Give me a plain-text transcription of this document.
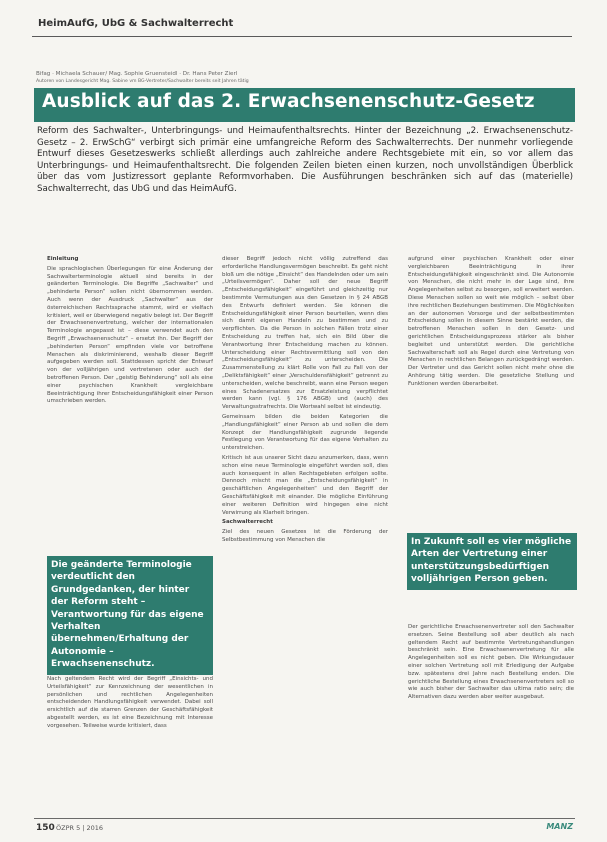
HeimAufG, UbG & Sachwalterrecht
Bifag · Michaela Schauer/ Mag. Sophie Gruensteidl · Dr. Hans Peter Zierl
Autoren von Landesgericht Mag. Sabine vm BG-Vertreter/Sachwalter bereits seit Jahren tätig
Ausblick auf das 2. Erwachsenenschutz-Gesetz
Reform des Sachwalter-, Unterbringungs- und Heimaufenthaltsrechts. Hinter der Bezeichnung „2. Erwachsenenschutz-Gesetz – 2. ErwSchG“ verbirgt sich primär eine umfangreiche Reform des Sachwalterrechts. Der nunmehr vorliegende Entwurf dieses Gesetzeswerks schließt allerdings auch zahlreiche andere Rechtsgebiete mit ein, so vor allem das Unterbringungs- und Heimaufenthaltsrecht. Die folgenden Zeilen bieten einen kurzen, noch unvollständigen Überblick über das vom Justizressort geplante Reformvorhaben. Die Ausführungen beschränken sich auf das (materielle) Sachwalterrecht, das UbG und das HeimAufG.

Einleitung

Die sprachlogischen Überlegungen für eine Änderung der Sachwalterterminologie aktuell sind bereits in der geänderten Terminologie. Die Begriffe „Sachwalter“ und „behinderte Person“ sollen nicht übernommen werden. Auch wenn der Ausdruck „Sachwalter“ aus der österreichischen Rechtssprache stammt, wird er vielfach kritisiert, weil er überwiegend negativ belegt ist. Der Begriff der Erwachsenenvertretung, welcher der internationalen Terminologie angepasst ist – diese verwendet auch den Begriff „Erwachsenenschutz“ – ersetzt ihn. Der Begriff der „behinderten Person“ empfinden viele vor betroffene Menschen als diskriminierend, weshalb dieser Begriff aufgegeben werden soll. Stattdessen spricht der Entwurf von der volljährigen und vertretenen oder auch der betroffenen Person. Der „geistig Behinderung“ soll als eine einer psychischen Krankheit vergleichbare Beeinträchtigung ihrer Entscheidungsfähigkeit einer Person umschrieben werden.

Die geänderte Terminologie verdeutlicht den Grundgedanken, der hinter der Reform steht – Verantwortung für das eigene Verhalten übernehmen/Erhaltung der Autonomie – Erwachsenenschutz.

Nach geltendem Recht wird der Begriff „Einsichts- und Urteilsfähigkeit“ zur Kennzeichnung der wesentlichen in persönlichen und rechtlichen Angelegenheiten entscheidenden Handlungsfähigkeit verwendet. Dabei soll ersichtlich auf die starren Grenzen der Geschäftsfähigkeit abgestellt werden, es ist eine Bezeichnung mit Interesse vorgesehen. Teilweise wurde kritisiert, dass

dieser Begriff jedoch nicht völlig zutreffend das erforderliche Handlungsvermögen beschreibt. Es geht nicht bloß um die nötige „Einsicht“ des Handelnden oder um sein „Urteilsvermögen“. Daher soll der neue Begriff „Entscheidungsfähigkeit“ eingeführt und gleichzeitig nur bestimmte Vermutungen aus den Gesetzen in § 24 ABGB des Entwurfs definiert werden. Sie können die Entscheidungsfähigkeit einer Person beurteilen, wenn dies sich damit eigenen Handeln zu bestimmen und zu verpflichten. Da die Person in solchen Fällen trotz einer Entscheidung zu treffen hat, sich ein Bild über die Verantwortung ihrer Entscheidung machen zu können. Unterscheidung einer Rechtsvermittlung soll von den „Entscheidungsfähigkeit“ zu unterscheiden. Die Zusammenstellung zu klärt Rolle von Fall zu Fall von der „Deliktsfähigkeit“ einer „Verschuldensfähigkeit“ getrennt zu unterscheiden, welche beschreibt, wann eine Person wegen eines Schadenersatzes zur Ersatzleistung verpflichtet werden kann (vgl. § 176 ABGB) und (auch) des Verwaltungsstrafrechts. Die Wortwahl selbst ist eindeutig.

Gemeinsam bilden die beiden Kategorien die „Handlungsfähigkeit“ einer Person ab und sollen die dem Konzept der Handlungsfähigkeit zugrunde liegende Festlegung von Verantwortung für das eigene Verhalten zu unterstreichen.

Kritisch ist aus unserer Sicht dazu anzumerken, dass, wenn schon eine neue Terminologie eingeführt werden soll, dies auch konsequent in allen Rechtsgebieten erfolgen sollte. Dennoch mischt man die „Entscheidungsfähigkeit“ in geschäftlichen Angelegenheiten“ und den Begriff der Geschäftsfähigkeit mit einander. Die mögliche Einführung einer weiteren Definition wird hingegen eine nicht Verwirrung als Klarheit bringen.

Sachwalterrecht

Ziel des neuen Gesetzes ist die Förderung der Selbstbestimmung von Menschen die

aufgrund einer psychischen Krankheit oder einer vergleichbaren Beeinträchtigung in ihrer Entscheidungsfähigkeit eingeschränkt sind. Die Autonomie von Menschen, die nicht mehr in der Lage sind, ihre Angelegenheiten selbst zu besorgen, soll erweitert werden. Diese Menschen sollen so weit wie möglich – selbst über ihre rechtlichen Beziehungen bestimmen. Die Möglichkeiten an der autonomen Vorsorge und der selbstbestimmten Entscheidung sollen in diesem Sinne bestärkt werden, die betroffenen Menschen sollen in den Gesetz- und gerichtlichen Entscheidungsprozess stärker als bisher begleitet und unterstützt werden. Die gerichtliche Sachwalterschaft soll als Regel durch eine Vertretung von Menschen in rechtlichen Belangen zurückgedrängt werden. Der Vertreter und das Gericht sollen nicht mehr ohne die Anhörung tätig werden. Die gesetzliche Stellung und Funktionen werden überarbeitet.

In Zukunft soll es vier mögliche Arten der Vertretung einer unterstützungsbedürftigen volljährigen Person geben.

Der gerichtliche Erwachsenenvertreter soll den Sachwalter ersetzen. Seine Bestellung soll aber deutlich als nach geltendem Recht auf bestimmte Vertretungshandlungen beschränkt sein. Eine Erwachsenenvertretung für alle Angelegenheiten soll es nicht geben. Die Wirkungsdauer einer solchen Vertretung soll mit Erledigung der Aufgabe bzw. spätestens drei Jahre nach Bestellung enden. Die gerichtliche Bestellung eines Erwachsenenvertreters soll so wie auch bisher der Sachwalter das ultima ratio sein; die Alternativen dazu werden aber weiter ausgebaut.

150 ÖZPR 5 | 2016	MANZ
